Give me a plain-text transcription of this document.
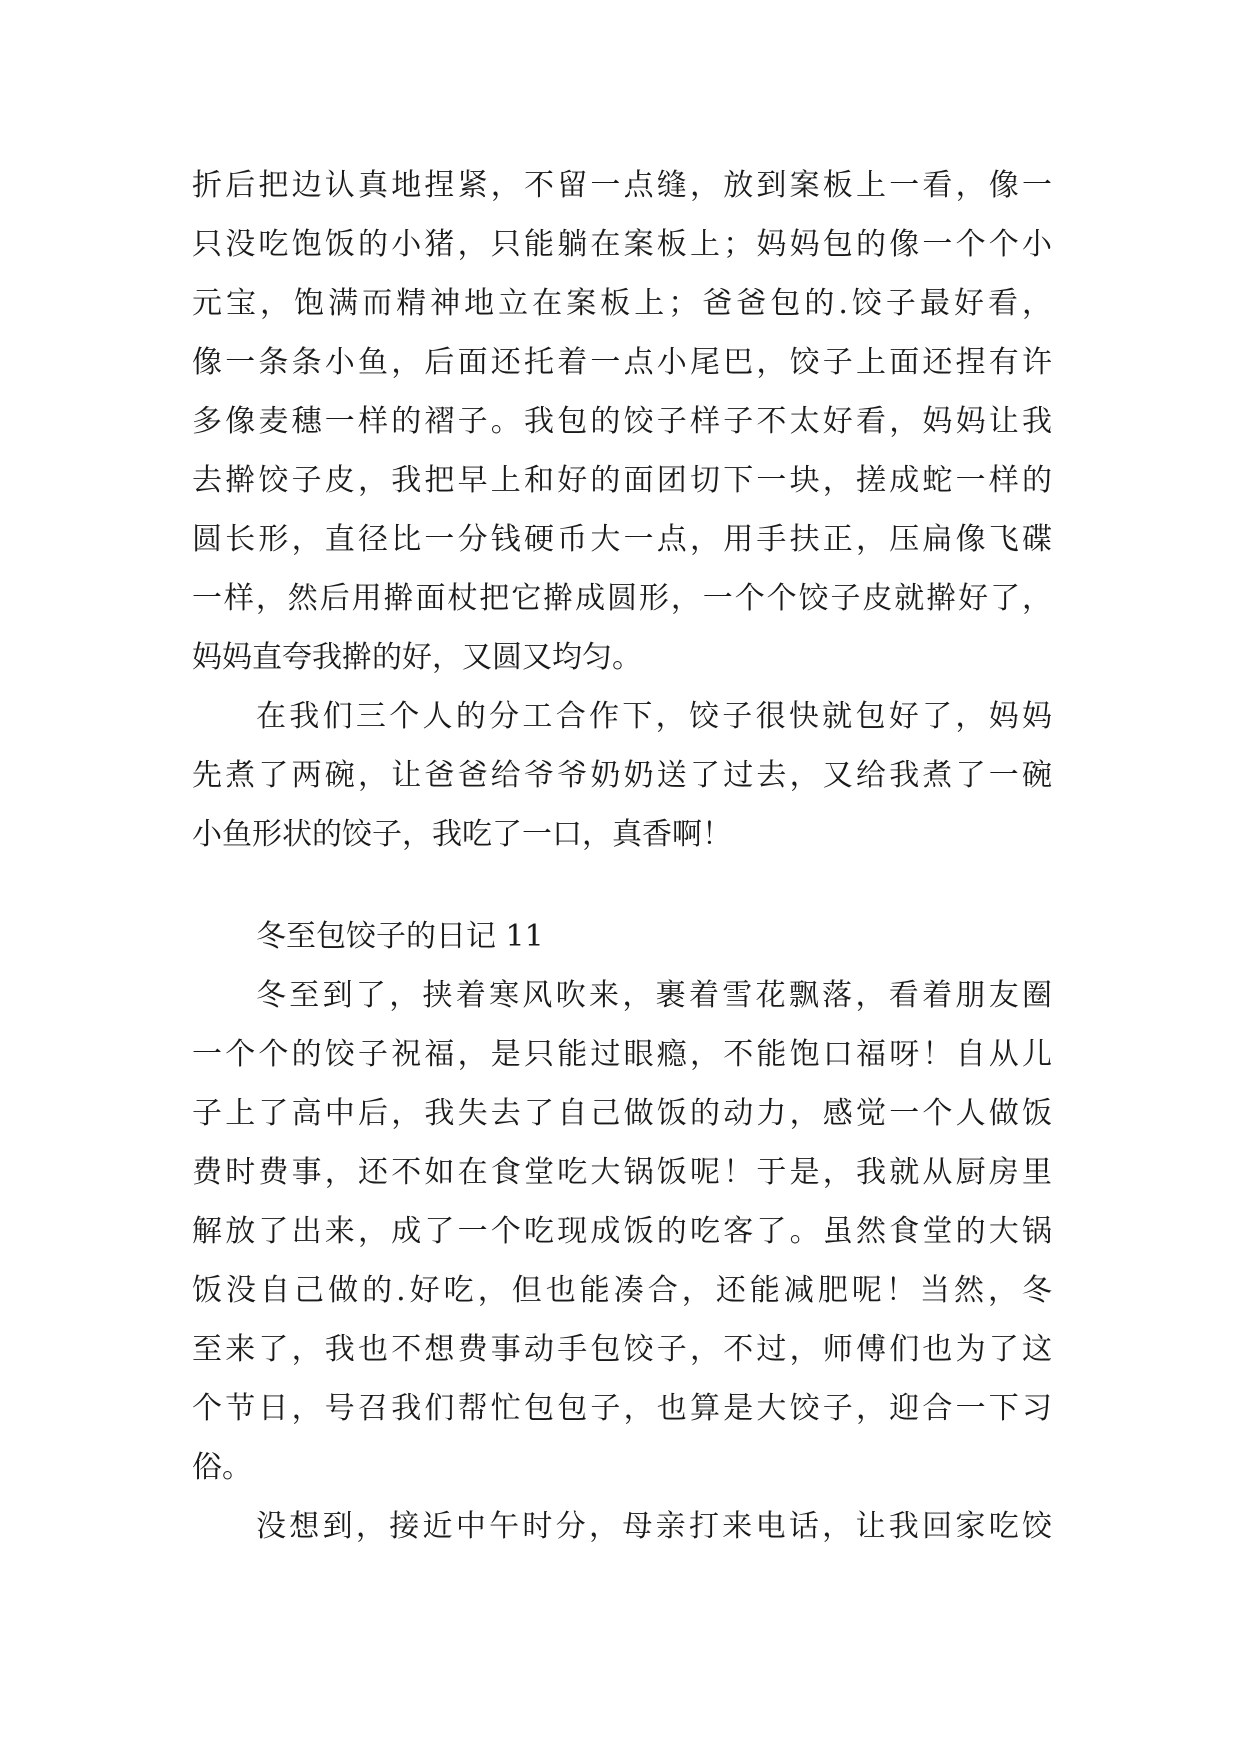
折后把边认真地捏紧，不留一点缝，放到案板上一看，像一
只没吃饱饭的小猪，只能躺在案板上；妈妈包的像一个个小
元宝，饱满而精神地立在案板上；爸爸包的.饺子最好看，
像一条条小鱼，后面还托着一点小尾巴，饺子上面还捏有许
多像麦穗一样的褶子。我包的饺子样子不太好看，妈妈让我
去擀饺子皮，我把早上和好的面团切下一块，搓成蛇一样的
圆长形，直径比一分钱硬币大一点，用手扶正，压扁像飞碟
一样，然后用擀面杖把它擀成圆形，一个个饺子皮就擀好了，
妈妈直夸我擀的好，又圆又均匀。
在我们三个人的分工合作下，饺子很快就包好了，妈妈
先煮了两碗，让爸爸给爷爷奶奶送了过去，又给我煮了一碗
小鱼形状的饺子，我吃了一口，真香啊！
冬至包饺子的日记 11
冬至到了，挟着寒风吹来，裹着雪花飘落，看着朋友圈
一个个的饺子祝福，是只能过眼瘾，不能饱口福呀！自从儿
子上了高中后，我失去了自己做饭的动力，感觉一个人做饭
费时费事，还不如在食堂吃大锅饭呢！于是，我就从厨房里
解放了出来，成了一个吃现成饭的吃客了。虽然食堂的大锅
饭没自己做的.好吃，但也能凑合，还能减肥呢！当然，冬
至来了，我也不想费事动手包饺子，不过，师傅们也为了这
个节日，号召我们帮忙包包子，也算是大饺子，迎合一下习
俗。
没想到，接近中午时分，母亲打来电话，让我回家吃饺
